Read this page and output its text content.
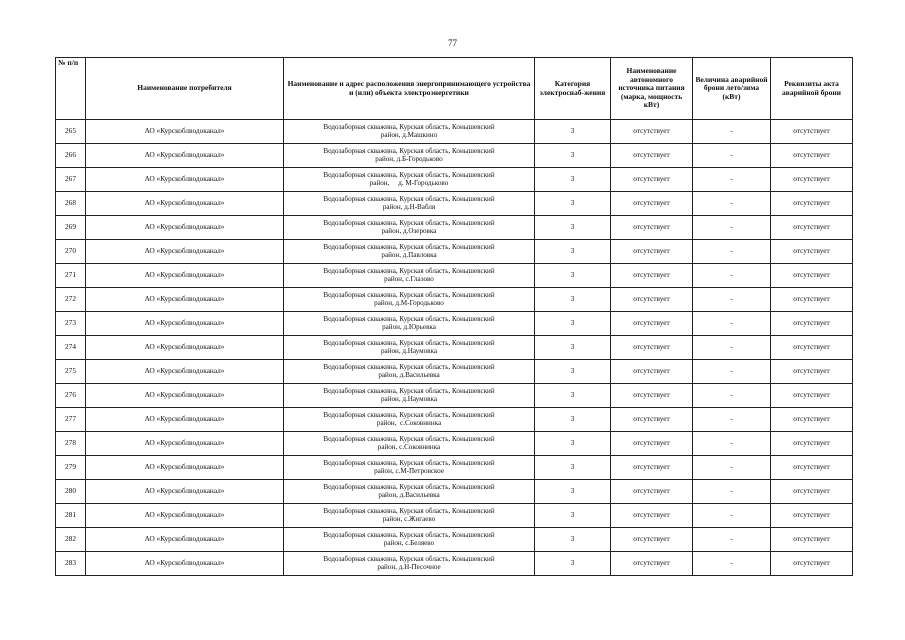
77
№ п/п	Наименование потребителя	Наименование и адрес расположения энергопринимающего устройства и (или) объекта электроэнергетики	Категория электроснаб-жения	Наименование автономного источника питания (марка, мощность кВт)	Величина аварийной брони лето/зима (кВт)	Реквизиты акта аварийной брони
265	АО «Курскоблводоканал»	Водозаборная скважина, Курская область, Конышевский
район, д.Машкино	3	отсутствует	-	отсутствует
266	АО «Курскоблводоканал»	Водозаборная скважина, Курская область, Конышевский
район, д.Б-Городьково	3	отсутствует	-	отсутствует
267	АО «Курскоблводоканал»	Водозаборная скважина, Курская область, Конышевский
район,     д. М-Городьково	3	отсутствует	-	отсутствует
268	АО «Курскоблводоканал»	Водозаборная скважина, Курская область, Конышевский
район, д.Н-Вабля	3	отсутствует	-	отсутствует
269	АО «Курскоблводоканал»	Водозаборная скважина, Курская область, Конышевский
район, д.Озеровка	3	отсутствует	-	отсутствует
270	АО «Курскоблводоканал»	Водозаборная скважина, Курская область, Конышевский
район, д.Павловка	3	отсутствует	-	отсутствует
271	АО «Курскоблводоканал»	Водозаборная скважина, Курская область, Конышевский
район, с.Глазово	3	отсутствует	-	отсутствует
272	АО «Курскоблводоканал»	Водозаборная скважина, Курская область, Конышевский
район, д.М-Городьково	3	отсутствует	-	отсутствует
273	АО «Курскоблводоканал»	Водозаборная скважина, Курская область, Конышевский
район, д.Юрьевка	3	отсутствует	-	отсутствует
274	АО «Курскоблводоканал»	Водозаборная скважина, Курская область, Конышевский
район, д.Наумовка	3	отсутствует	-	отсутствует
275	АО «Курскоблводоканал»	Водозаборная скважина, Курская область, Конышевский
район, д.Васильевка	3	отсутствует	-	отсутствует
276	АО «Курскоблводоканал»	Водозаборная скважина, Курская область, Конышевский
район, д.Наумовка	3	отсутствует	-	отсутствует
277	АО «Курскоблводоканал»	Водозаборная скважина, Курская область, Конышевский
район,  с.Соковнинка	3	отсутствует	-	отсутствует
278	АО «Курскоблводоканал»	Водозаборная скважина, Курская область, Конышевский
район, с.Соковнинка	3	отсутствует	-	отсутствует
279	АО «Курскоблводоканал»	Водозаборная скважина, Курская область, Конышевский
район, с.М-Петровское	3	отсутствует	-	отсутствует
280	АО «Курскоблводоканал»	Водозаборная скважина, Курская область, Конышевский
район, д.Васильевка	3	отсутствует	-	отсутствует
281	АО «Курскоблводоканал»	Водозаборная скважина, Курская область, Конышевский
район, с.Жигаево	3	отсутствует	-	отсутствует
282	АО «Курскоблводоканал»	Водозаборная скважина, Курская область, Конышевский
район, с.Беляево	3	отсутствует	-	отсутствует
283	АО «Курскоблводоканал»	Водозаборная скважина, Курская область, Конышевский
район, д.Н-Песочное	3	отсутствует	-	отсутствует
